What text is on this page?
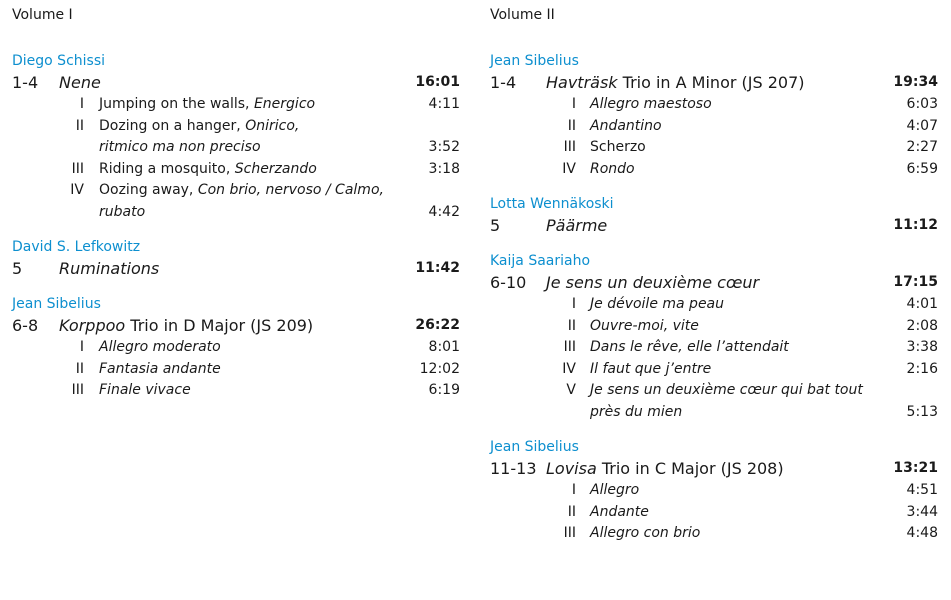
Volume I
Diego Schissi
1-4 Nene	16:01
I Jumping on the walls, Energico	4:11
II Dozing on a hanger, Onirico,
ritmico ma non preciso	3:52
III Riding a mosquito, Scherzando	3:18
IV Oozing away, Con brio, nervoso / Calmo,
rubato	4:42
David S. Lefkowitz
5 Ruminations	11:42
Jean Sibelius
6-8 Korppoo Trio in D Major (JS 209)	26:22
I Allegro moderato	8:01
II Fantasia andante	12:02
III Finale vivace	6:19
Volume II
Jean Sibelius
1-4 Havträsk Trio in A Minor (JS 207)	19:34
I Allegro maestoso	6:03
II Andantino	4:07
III Scherzo	2:27
IV Rondo	6:59
Lotta Wennäkoski
5	Päärme	11:12
Kaija Saariaho
6-10 Je sens un deuxième cœur	17:15
I Je dévoile ma peau	4:01
II Ouvre-moi, vite	2:08
III Dans le rêve, elle l’attendait	3:38
IV Il faut que j’entre	2:16
V Je sens un deuxième cœur qui bat tout
près du mien	5:13
Jean Sibelius
11-13 Lovisa Trio in C Major (JS 208)	13:21
I Allegro	4:51
II Andante	3:44
III Allegro con brio	4:48
